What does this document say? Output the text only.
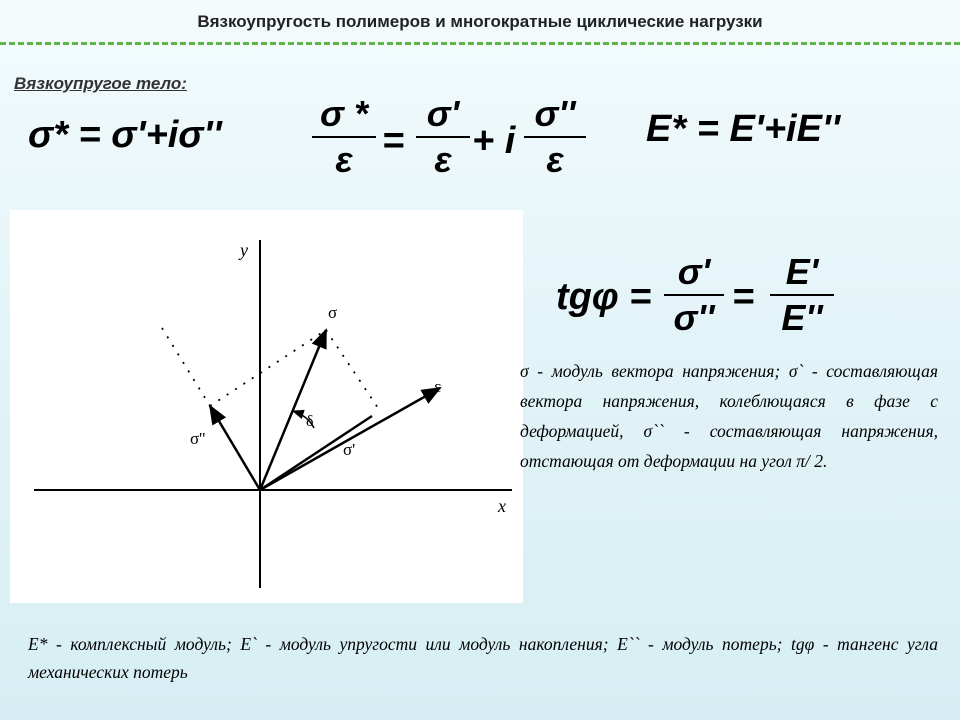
Вязкоупругость полимеров и многократные циклические нагрузки
Вязкоупругое тело:
σ* = σ'+iσ''
σ *
ε =
σ'
ε + i
σ''
ε
E* = E'+iE''
y
x
σ
ε
δ
σ'
σ''
tgφ =
σ'
σ'' =
E'
E''
σ - модуль вектора напряжения; σ` - составляющая вектора напряжения, колеблющаяся в фазе с деформацией, σ`` - составляющая напряжения, отстающая от деформации на угол π/ 2.
E* - комплексный модуль; E` - модуль упругости или модуль накопления; E`` - модуль потерь; tgφ - тангенс угла механических потерь
